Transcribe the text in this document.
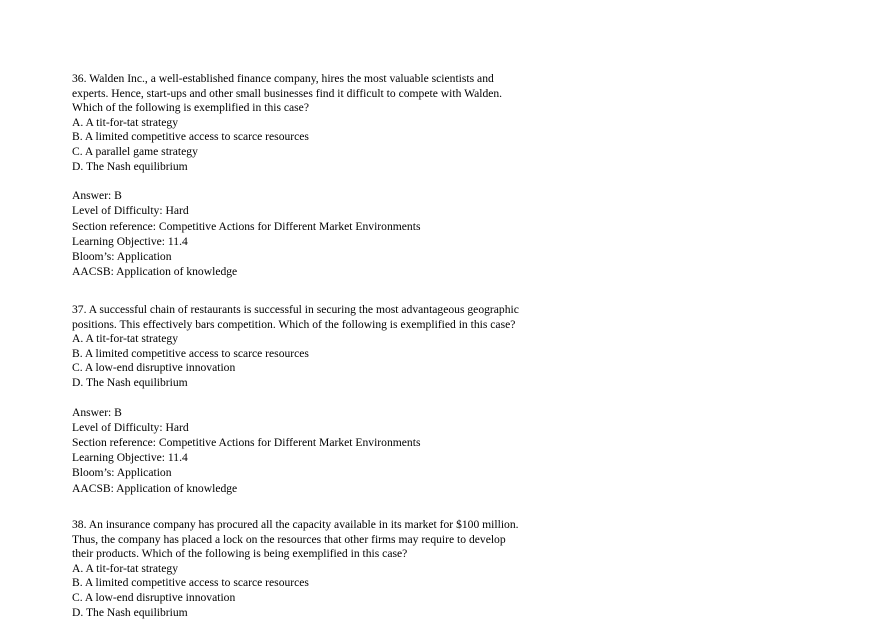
36. Walden Inc., a well-established finance company, hires the most valuable scientists and
experts. Hence, start-ups and other small businesses find it difficult to compete with Walden.
Which of the following is exemplified in this case?
A. A tit-for-tat strategy
B. A limited competitive access to scarce resources
C. A parallel game strategy
D. The Nash equilibrium
Answer: B
Level of Difficulty: Hard
Section reference: Competitive Actions for Different Market Environments
Learning Objective: 11.4
Bloom’s: Application
AACSB: Application of knowledge
37. A successful chain of restaurants is successful in securing the most advantageous geographic
positions. This effectively bars competition. Which of the following is exemplified in this case?
A. A tit-for-tat strategy
B. A limited competitive access to scarce resources
C. A low-end disruptive innovation
D. The Nash equilibrium
Answer: B
Level of Difficulty: Hard
Section reference: Competitive Actions for Different Market Environments
Learning Objective: 11.4
Bloom’s: Application
AACSB: Application of knowledge
38. An insurance company has procured all the capacity available in its market for $100 million.
Thus, the company has placed a lock on the resources that other firms may require to develop
their products. Which of the following is being exemplified in this case?
A. A tit-for-tat strategy
B. A limited competitive access to scarce resources
C. A low-end disruptive innovation
D. The Nash equilibrium
